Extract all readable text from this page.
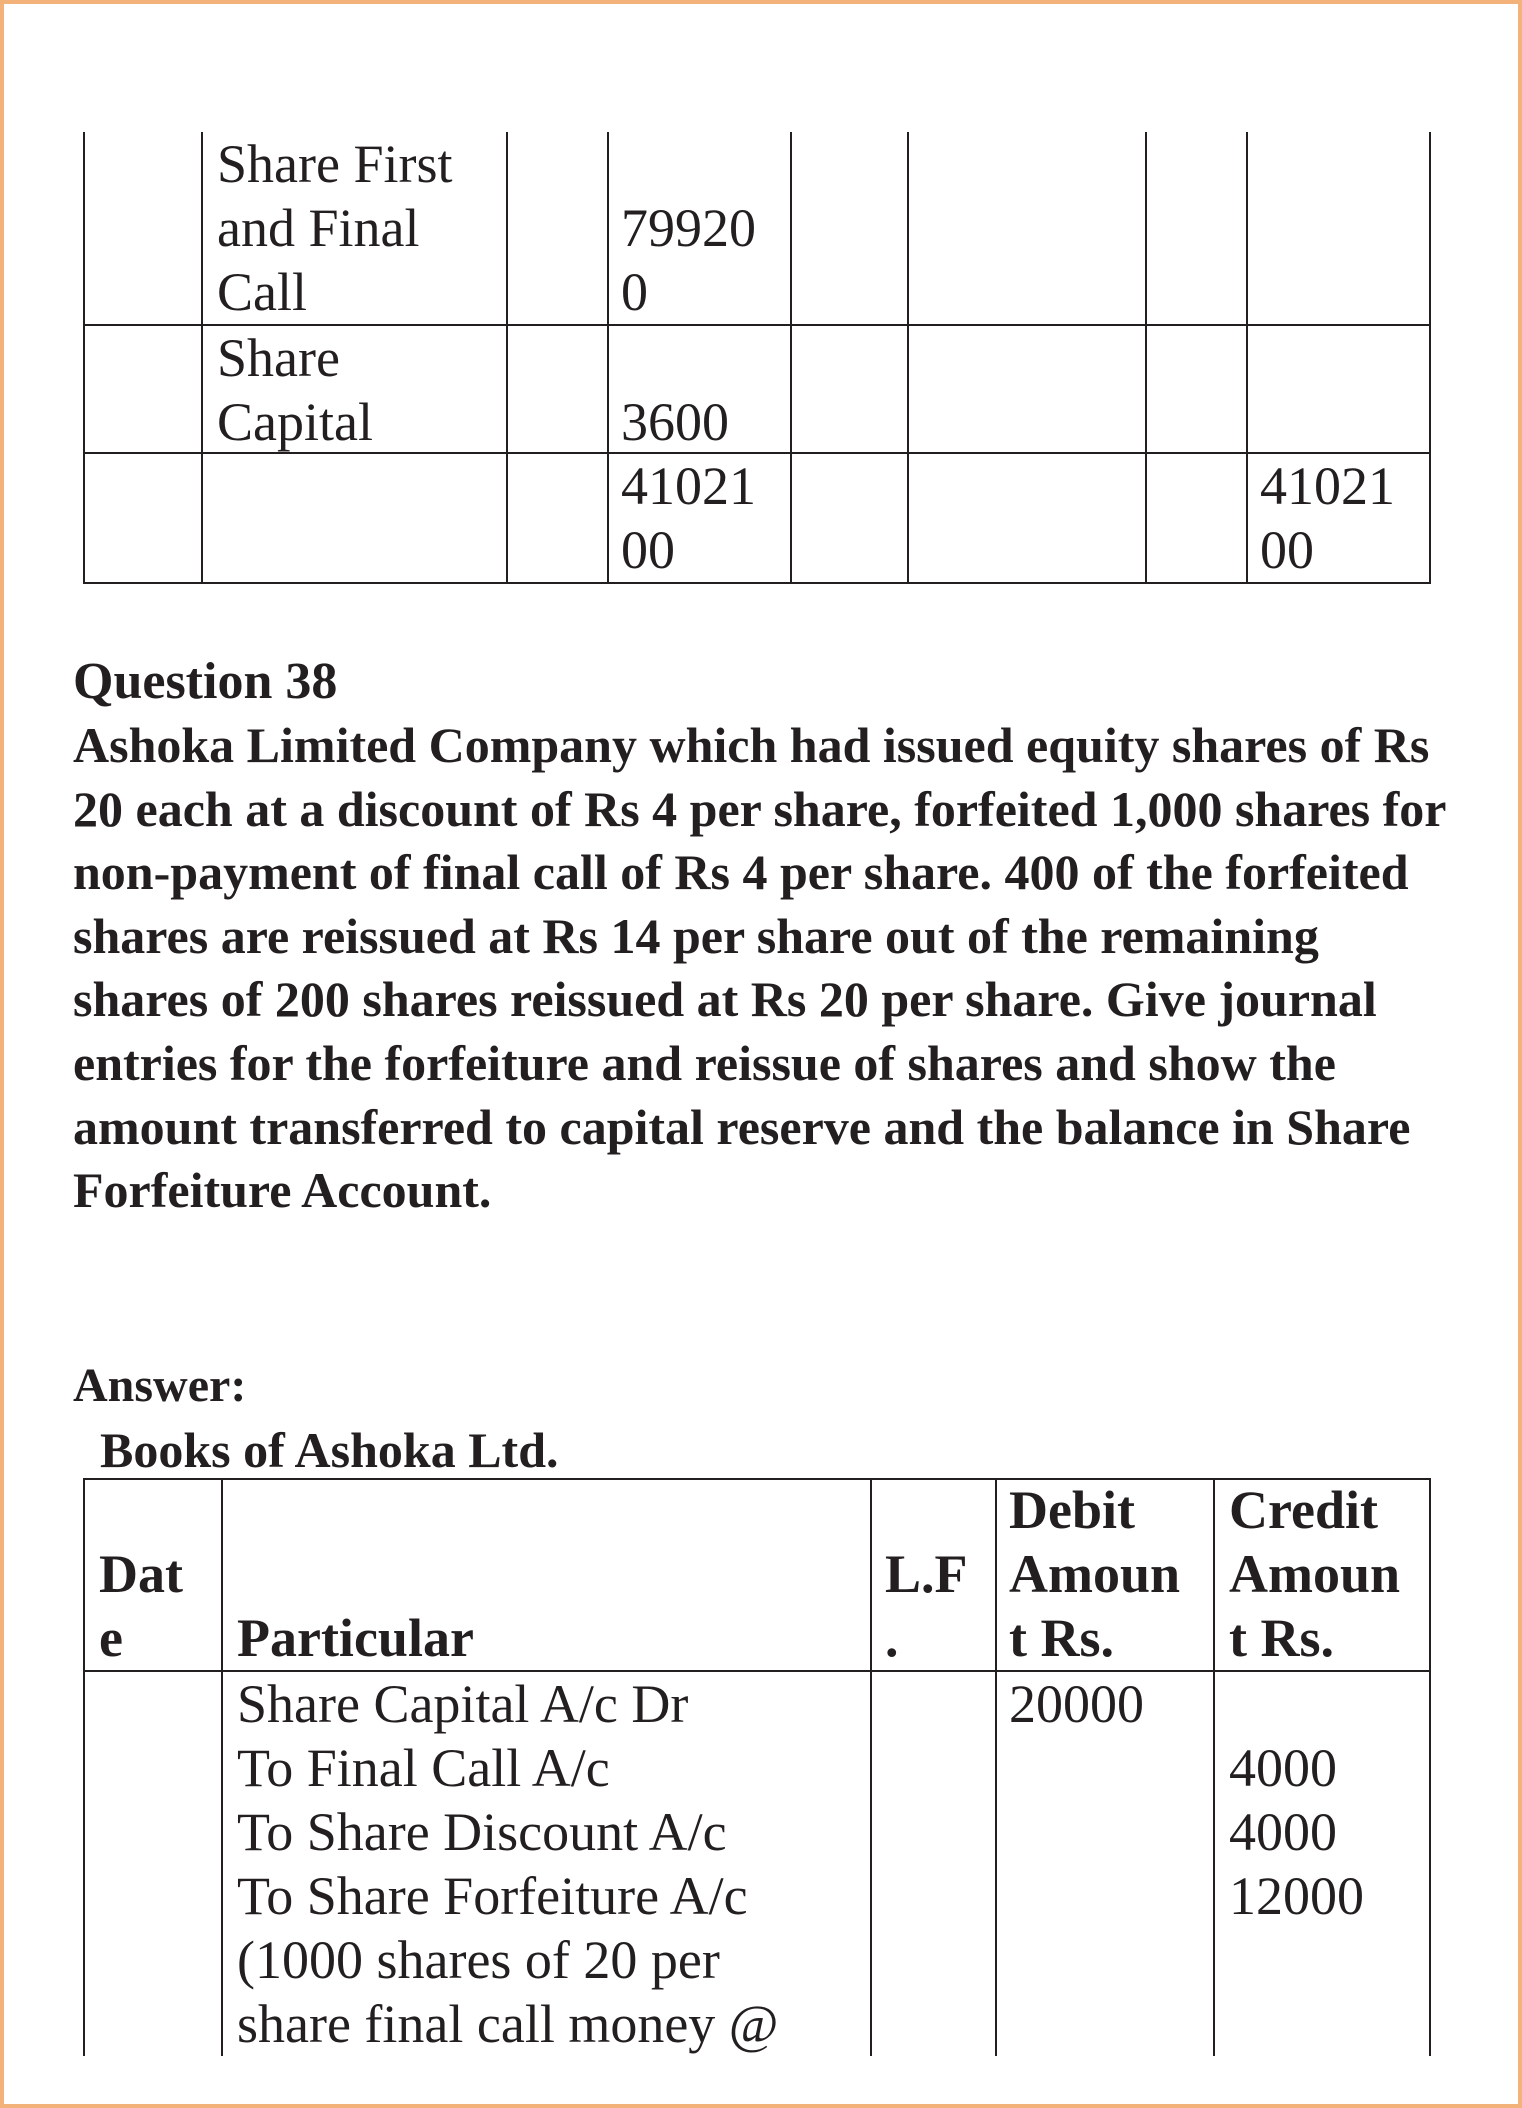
Share First
and Final
Call

79920
0

Share
Capital	3600

41021
00

41021
00

Question 38

Ashoka Limited Company which had issued equity shares of Rs 20 each at a discount of Rs 4 per share, forfeited 1,000 shares for non-payment of final call of Rs 4 per share. 400 of the forfeited shares are reissued at Rs 14 per share out of the remaining shares of 200 shares reissued at Rs 20 per share. Give journal entries for the forfeiture and reissue of shares and show the amount transferred to capital reserve and the balance in Share Forfeiture Account.

Answer:

Books of Ashoka Ltd.

Dat
e	Particular

L.F
.

Debit
Amoun
t Rs.

Credit
Amoun
t Rs.

Share Capital A/c Dr
To Final Call A/c
To Share Discount A/c
To Share Forfeiture A/c
(1000 shares of 20 per
share final call money @

20000

4000
4000
12000
